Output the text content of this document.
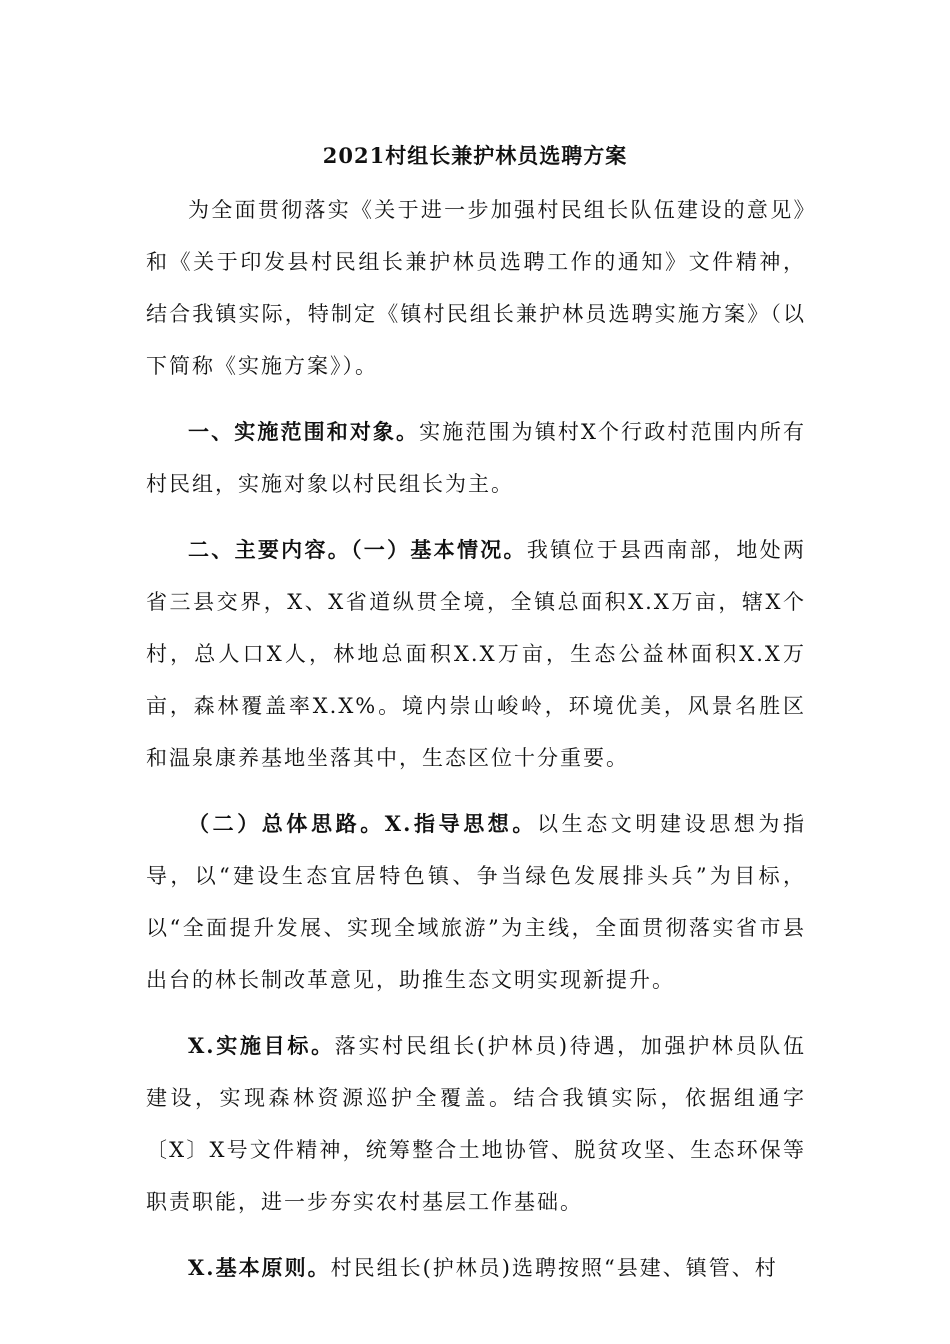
2021村组长兼护林员选聘方案

为全面贯彻落实《关于进一步加强村民组长队伍建设的意见》和《关于印发县村民组长兼护林员选聘工作的通知》文件精神，结合我镇实际，特制定《镇村民组长兼护林员选聘实施方案》（以下简称《实施方案》）。

一、实施范围和对象。实施范围为镇村X个行政村范围内所有村民组，实施对象以村民组长为主。

二、主要内容。（一）基本情况。我镇位于县西南部，地处两省三县交界，X、X省道纵贯全境，全镇总面积X.X万亩，辖X个村，总人口X人，林地总面积X.X万亩，生态公益林面积X.X万亩，森林覆盖率X.X%。境内崇山峻岭，环境优美，风景名胜区和温泉康养基地坐落其中，生态区位十分重要。

（二）总体思路。X.指导思想。以生态文明建设思想为指导，以“建设生态宜居特色镇、争当绿色发展排头兵”为目标，以“全面提升发展、实现全域旅游”为主线，全面贯彻落实省市县出台的林长制改革意见，助推生态文明实现新提升。

X.实施目标。落实村民组长(护林员)待遇，加强护林员队伍建设，实现森林资源巡护全覆盖。结合我镇实际，依据组通字〔X〕X号文件精神，统筹整合土地协管、脱贫攻坚、生态环保等职责职能，进一步夯实农村基层工作基础。

X.基本原则。村民组长(护林员)选聘按照“县建、镇管、村
